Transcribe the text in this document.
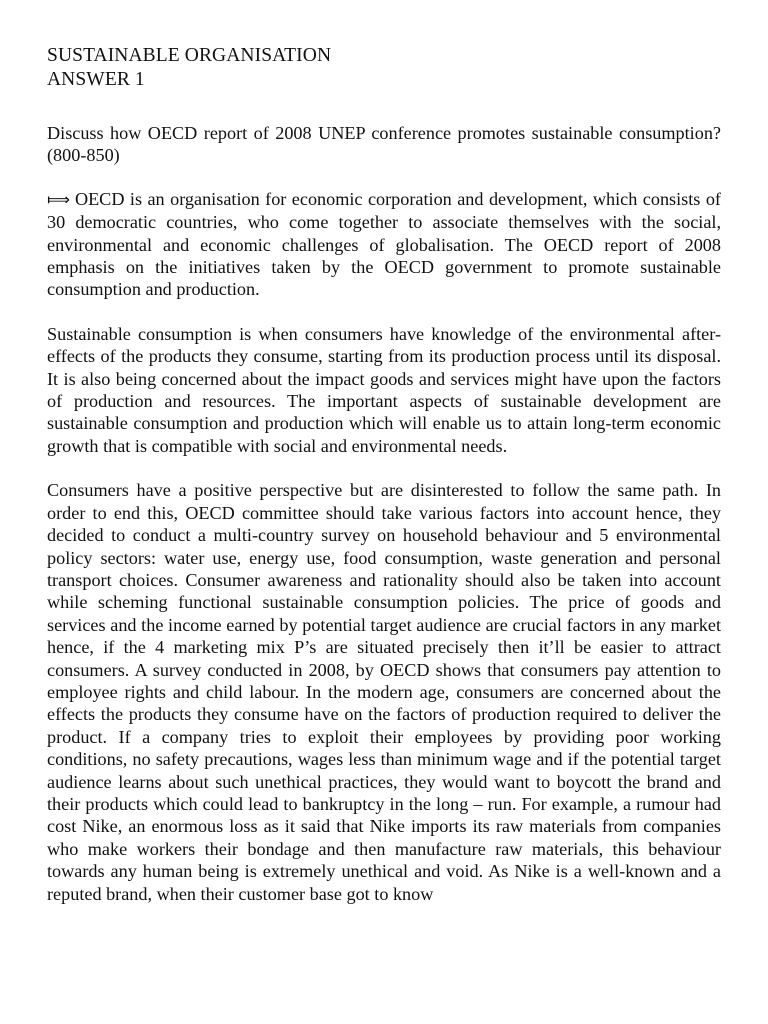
SUSTAINABLE ORGANISATION
ANSWER 1

Discuss how OECD report of 2008 UNEP conference promotes sustainable consumption? (800-850)

⟾ OECD is an organisation for economic corporation and development, which consists of 30 democratic countries, who come together to associate themselves with the social, environmental and economic challenges of globalisation. The OECD report of 2008 emphasis on the initiatives taken by the OECD government to promote sustainable consumption and production.

Sustainable consumption is when consumers have knowledge of the environmental after-effects of the products they consume, starting from its production process until its disposal. It is also being concerned about the impact goods and services might have upon the factors of production and resources. The important aspects of sustainable development are sustainable consumption and production which will enable us to attain long-term economic growth that is compatible with social and environmental needs.

Consumers have a positive perspective but are disinterested to follow the same path. In order to end this, OECD committee should take various factors into account hence, they decided to conduct a multi-country survey on household behaviour and 5 environmental policy sectors: water use, energy use, food consumption, waste generation and personal transport choices. Consumer awareness and rationality should also be taken into account while scheming functional sustainable consumption policies. The price of goods and services and the income earned by potential target audience are crucial factors in any market hence, if the 4 marketing mix P’s are situated precisely then it’ll be easier to attract consumers. A survey conducted in 2008, by OECD shows that consumers pay attention to employee rights and child labour. In the modern age, consumers are concerned about the effects the products they consume have on the factors of production required to deliver the product. If a company tries to exploit their employees by providing poor working conditions, no safety precautions, wages less than minimum wage and if the potential target audience learns about such unethical practices, they would want to boycott the brand and their products which could lead to bankruptcy in the long – run. For example, a rumour had cost Nike, an enormous loss as it said that Nike imports its raw materials from companies who make workers their bondage and then manufacture raw materials, this behaviour towards any human being is extremely unethical and void. As Nike is a well-known and a reputed brand, when their customer base got to know
